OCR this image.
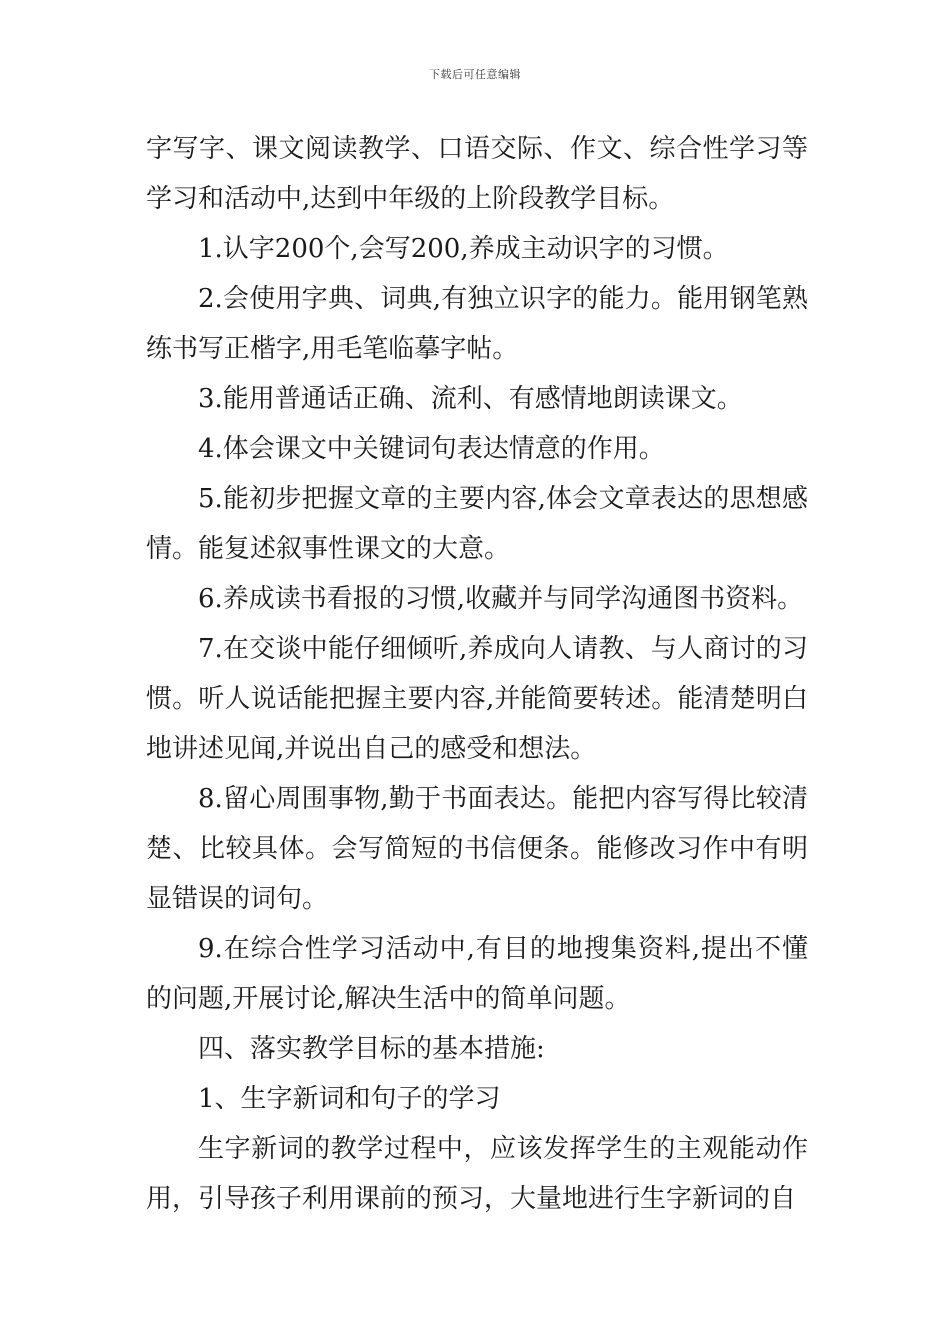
下载后可任意编辑

字写字、课文阅读教学、口语交际、作文、综合性学习等学习和活动中,达到中年级的上阶段教学目标。

1.认字200个,会写200,养成主动识字的习惯。

2.会使用字典、词典,有独立识字的能力。能用钢笔熟练书写正楷字,用毛笔临摹字帖。

3.能用普通话正确、流利、有感情地朗读课文。

4.体会课文中关键词句表达情意的作用。

5.能初步把握文章的主要内容,体会文章表达的思想感情。能复述叙事性课文的大意。

6.养成读书看报的习惯,收藏并与同学沟通图书资料。

7.在交谈中能仔细倾听,养成向人请教、与人商讨的习惯。听人说话能把握主要内容,并能简要转述。能清楚明白地讲述见闻,并说出自己的感受和想法。

8.留心周围事物,勤于书面表达。能把内容写得比较清楚、比较具体。会写简短的书信便条。能修改习作中有明显错误的词句。

9.在综合性学习活动中,有目的地搜集资料,提出不懂的问题,开展讨论,解决生活中的简单问题。

四、落实教学目标的基本措施:

1、生字新词和句子的学习

生字新词的教学过程中，应该发挥学生的主观能动作用，引导孩子利用课前的预习，大量地进行生字新词的自
